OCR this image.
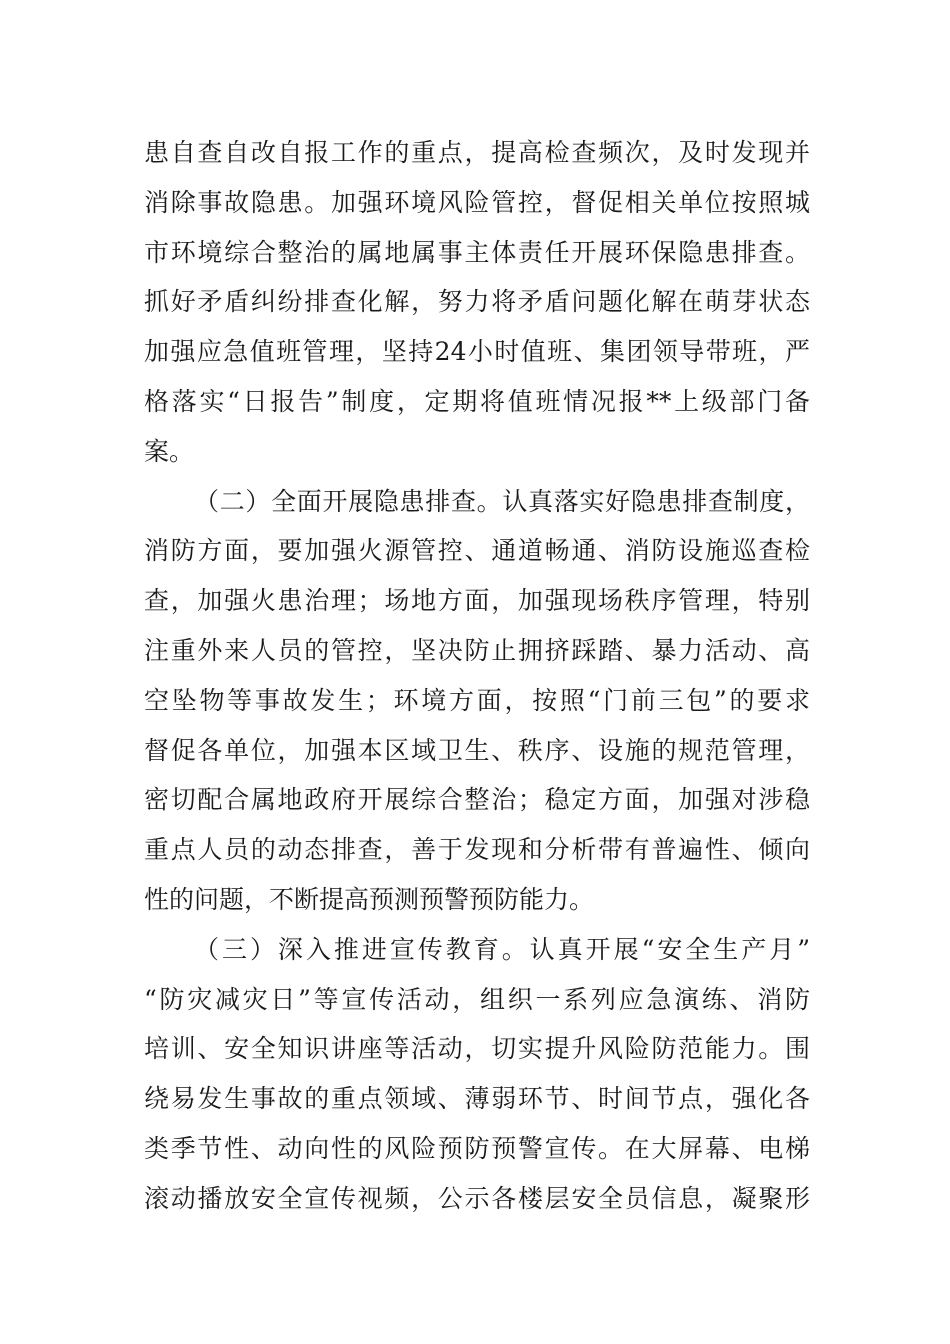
患自查自改自报工作的重点，提高检查频次，及时发现并
消除事故隐患。加强环境风险管控，督促相关单位按照城
市环境综合整治的属地属事主体责任开展环保隐患排查。
抓好矛盾纠纷排查化解，努力将矛盾问题化解在萌芽状态
加强应急值班管理，坚持24小时值班、集团领导带班，严
格落实“日报告”制度，定期将值班情况报**上级部门备
案。
（二）全面开展隐患排查。认真落实好隐患排查制度，
消防方面，要加强火源管控、通道畅通、消防设施巡查检
查，加强火患治理；场地方面，加强现场秩序管理，特别
注重外来人员的管控，坚决防止拥挤踩踏、暴力活动、高
空坠物等事故发生；环境方面，按照“门前三包”的要求
督促各单位，加强本区域卫生、秩序、设施的规范管理，
密切配合属地政府开展综合整治；稳定方面，加强对涉稳
重点人员的动态排查，善于发现和分析带有普遍性、倾向
性的问题，不断提高预测预警预防能力。
（三）深入推进宣传教育。认真开展“安全生产月”
“防灾减灾日”等宣传活动，组织一系列应急演练、消防
培训、安全知识讲座等活动，切实提升风险防范能力。围
绕易发生事故的重点领域、薄弱环节、时间节点，强化各
类季节性、动向性的风险预防预警宣传。在大屏幕、电梯
滚动播放安全宣传视频，公示各楼层安全员信息，凝聚形
